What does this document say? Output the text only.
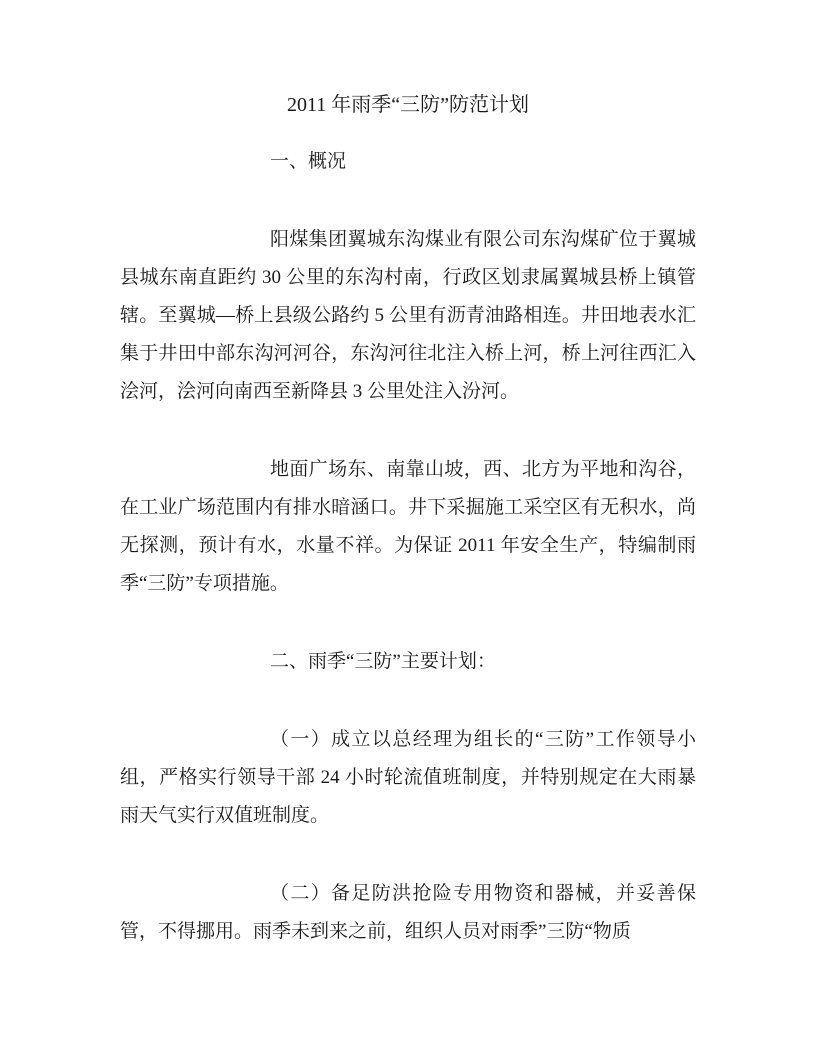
2011 年雨季“三防”防范计划
一、概况
阳煤集团翼城东沟煤业有限公司东沟煤矿位于翼城县城东南直距约 30 公里的东沟村南，行政区划隶属翼城县桥上镇管辖。至翼城—桥上县级公路约 5 公里有沥青油路相连。井田地表水汇集于井田中部东沟河河谷，东沟河往北注入桥上河，桥上河往西汇入浍河，浍河向南西至新降县 3 公里处注入汾河。
地面广场东、南靠山坡，西、北方为平地和沟谷，在工业广场范围内有排水暗涵口。井下采掘施工采空区有无积水，尚无探测，预计有水，水量不祥。为保证 2011 年安全生产，特编制雨季“三防”专项措施。
二、雨季“三防”主要计划：
（一）成立以总经理为组长的“三防”工作领导小组，严格实行领导干部 24 小时轮流值班制度，并特别规定在大雨暴雨天气实行双值班制度。
（二）备足防洪抢险专用物资和器械，并妥善保管，不得挪用。雨季未到来之前，组织人员对雨季”三防“物质
